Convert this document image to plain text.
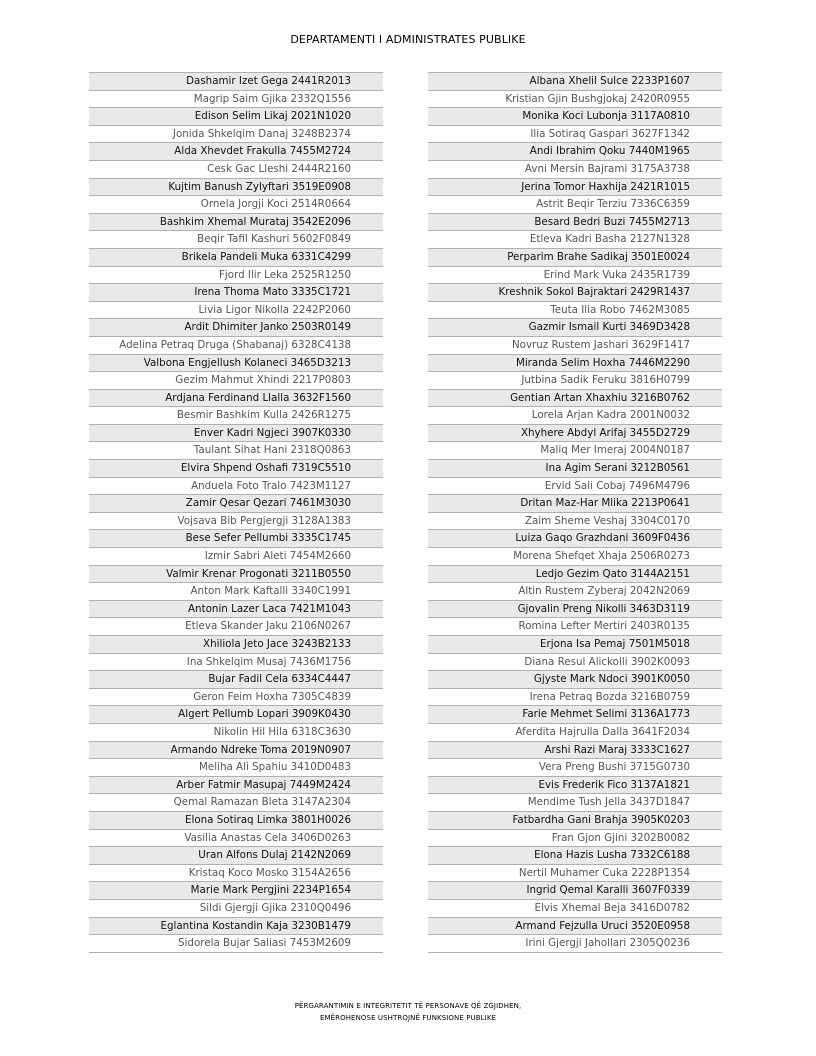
DEPARTAMENTI I ADMINISTRATES PUBLIKE
Dashamir Izet Gega 2441R2013
Magrip Saim Gjika 2332Q1556
Edison Selim Likaj 2021N1020
Jonida Shkelqim Danaj 3248B2374
Alda Xhevdet Frakulla 7455M2724
Cesk Gac Lleshi 2444R2160
Kujtim Banush Zylyftari 3519E0908
Ornela Jorgji Koci 2514R0664
Bashkim Xhemal Murataj 3542E2096
Beqir Tafil Kashuri 5602F0849
Brikela Pandeli Muka 6331C4299
Fjord Ilir Leka 2525R1250
Irena Thoma Mato 3335C1721
Livia Ligor Nikolla 2242P2060
Ardit Dhimiter Janko 2503R0149
Adelina Petraq Druga (Shabanaj) 6328C4138
Valbona Engjellush Kolaneci 3465D3213
Gezim Mahmut Xhindi 2217P0803
Ardjana Ferdinand Llalla 3632F1560
Besmir Bashkim Kulla 2426R1275
Enver Kadri Ngjeci 3907K0330
Taulant Sihat Hani 2318Q0863
Elvira Shpend Oshafi 7319C5510
Anduela Foto Tralo 7423M1127
Zamir Qesar Qezari 7461M3030
Vojsava Bib Pergjergji 3128A1383
Bese Sefer Pellumbi 3335C1745
Izmir Sabri Aleti 7454M2660
Valmir Krenar Progonati 3211B0550
Anton Mark Kaftalli 3340C1991
Antonin Lazer Laca 7421M1043
Etleva Skander Jaku 2106N0267
Xhiliola Jeto Jace 3243B2133
Ina Shkelqim Musaj 7436M1756
Bujar Fadil Cela 6334C4447
Geron Feim Hoxha 7305C4839
Algert Pellumb Lopari 3909K0430
Nikolin Hil Hila 6318C3630
Armando Ndreke Toma 2019N0907
Meliha Ali Spahiu 3410D0483
Arber Fatmir Masupaj 7449M2424
Qemal Ramazan Bleta 3147A2304
Elona Sotiraq Limka 3801H0026
Vasilia Anastas Cela 3406D0263
Uran Alfons Dulaj 2142N2069
Kristaq Koco Mosko 3154A2656
Marie Mark Pergjini 2234P1654
Sildi Gjergji Gjika 2310Q0496
Eglantina Kostandin Kaja 3230B1479
Sidorela Bujar Saliasi 7453M2609
Albana Xhelil Sulce 2233P1607
Kristian Gjin Bushgjokaj 2420R0955
Monika Koci Lubonja 3117A0810
Ilia Sotiraq Gaspari 3627F1342
Andi Ibrahim Qoku 7440M1965
Avni Mersin Bajrami 3175A3738
Jerina Tomor Haxhija 2421R1015
Astrit Beqir Terziu 7336C6359
Besard Bedri Buzi 7455M2713
Etleva Kadri Basha 2127N1328
Perparim Brahe Sadikaj 3501E0024
Erind Mark Vuka 2435R1739
Kreshnik Sokol Bajraktari 2429R1437
Teuta Ilia Robo 7462M3085
Gazmir Ismail Kurti 3469D3428
Novruz Rustem Jashari 3629F1417
Miranda Selim Hoxha 7446M2290
Jutbina Sadik Feruku 3816H0799
Gentian Artan Xhaxhiu 3216B0762
Lorela Arjan Kadra 2001N0032
Xhyhere Abdyl Arifaj 3455D2729
Maliq Mer Imeraj 2004N0187
Ina Agim Serani 3212B0561
Ervid Sali Cobaj 7496M4796
Dritan Maz-Har Mlika 2213P0641
Zaim Sheme Veshaj 3304C0170
Luiza Gaqo Grazhdani 3609F0436
Morena Shefqet Xhaja 2506R0273
Ledjo Gezim Qato 3144A2151
Altin Rustem Zyberaj 2042N2069
Gjovalin Preng Nikolli 3463D3119
Romina Lefter Mertiri 2403R0135
Erjona Isa Pemaj 7501M5018
Diana Resul Alickolli 3902K0093
Gjyste Mark Ndoci 3901K0050
Irena Petraq Bozda 3216B0759
Farie Mehmet Selimi 3136A1773
Aferdita Hajrulla Dalla 3641F2034
Arshi Razi Maraj 3333C1627
Vera Preng Bushi 3715G0730
Evis Frederik Fico 3137A1821
Mendime Tush Jella 3437D1847
Fatbardha Gani Brahja 3905K0203
Fran Gjon Gjini 3202B0082
Elona Hazis Lusha 7332C6188
Nertil Muhamer Cuka 2228P1354
Ingrid Qemal Karalli 3607F0339
Elvis Xhemal Beja 3416D0782
Armand Fejzulla Uruci 3520E0958
Irini Gjergji Jahollari 2305Q0236
PËRGARANTIMIN E INTEGRITETIT TË PERSONAVE QË ZGJIDHEN,
EMËROHENOSE USHTROJNË FUNKSIONE PUBLIKE
